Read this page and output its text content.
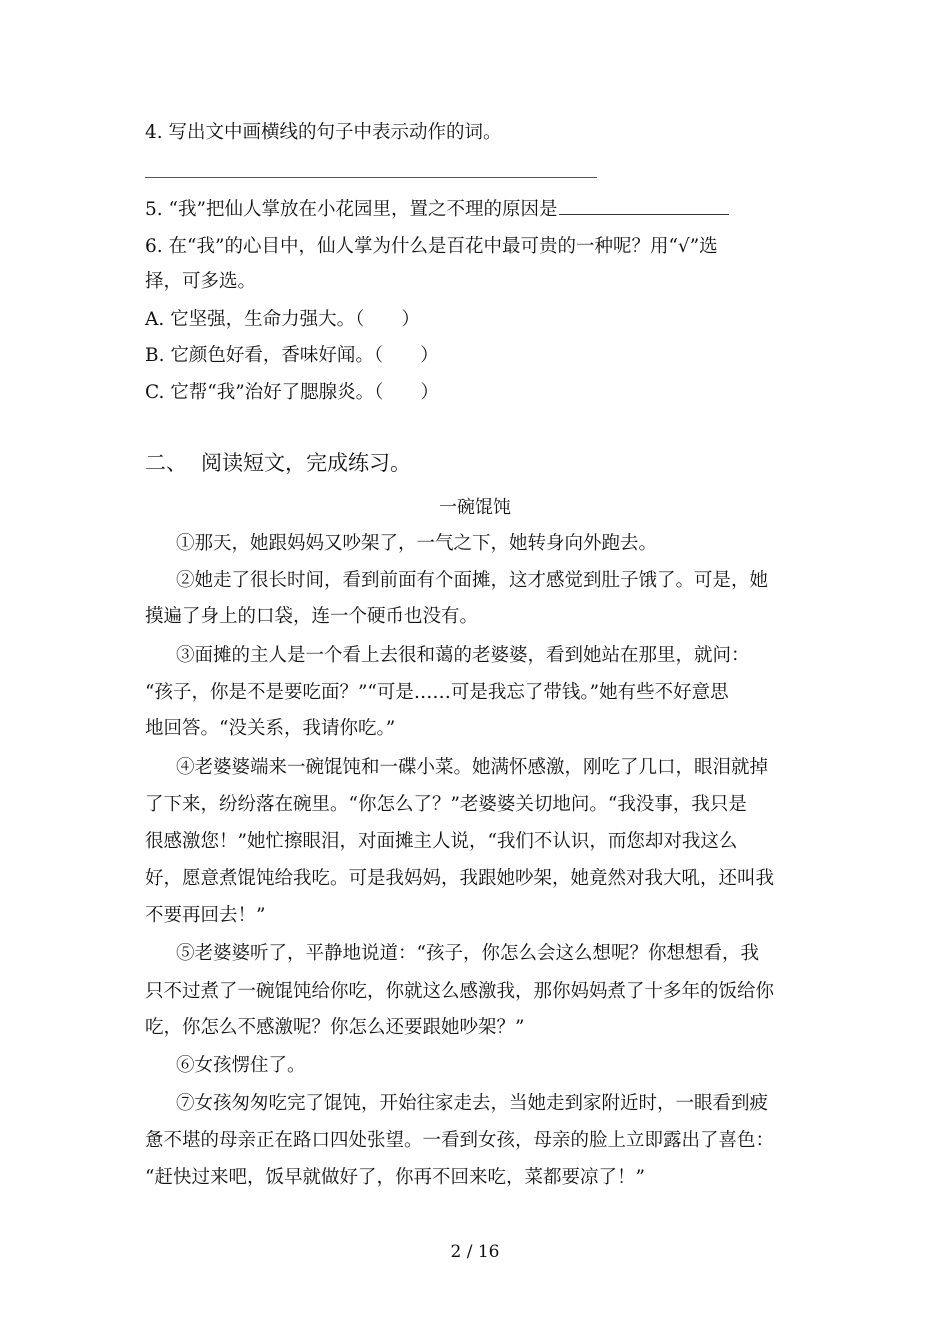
4. 写出文中画横线的句子中表示动作的词。
5. “我”把仙人掌放在小花园里，置之不理的原因是
6. 在“我”的心目中，仙人掌为什么是百花中最可贵的一种呢？用“√”选
择，可多选。
A. 它坚强，生命力强大。（　　）
B. 它颜色好看，香味好闻。（　　）
C. 它帮“我”治好了腮腺炎。（　　）
二、 阅读短文，完成练习。
一碗馄饨
①那天，她跟妈妈又吵架了，一气之下，她转身向外跑去。
②她走了很长时间，看到前面有个面摊，这才感觉到肚子饿了。可是，她
摸遍了身上的口袋，连一个硬币也没有。
③面摊的主人是一个看上去很和蔼的老婆婆，看到她站在那里，就问：
“孩子，你是不是要吃面？”“可是……可是我忘了带钱。”她有些不好意思
地回答。“没关系，我请你吃。”
④老婆婆端来一碗馄饨和一碟小菜。她满怀感激，刚吃了几口，眼泪就掉
了下来，纷纷落在碗里。“你怎么了？”老婆婆关切地问。“我没事，我只是
很感激您！”她忙擦眼泪，对面摊主人说，“我们不认识，而您却对我这么
好，愿意煮馄饨给我吃。可是我妈妈，我跟她吵架，她竟然对我大吼，还叫我
不要再回去！”
⑤老婆婆听了，平静地说道：“孩子，你怎么会这么想呢？你想想看，我
只不过煮了一碗馄饨给你吃，你就这么感激我，那你妈妈煮了十多年的饭给你
吃，你怎么不感激呢？你怎么还要跟她吵架？”
⑥女孩愣住了。
⑦女孩匆匆吃完了馄饨，开始往家走去，当她走到家附近时，一眼看到疲
惫不堪的母亲正在路口四处张望。一看到女孩，母亲的脸上立即露出了喜色：
“赶快过来吧，饭早就做好了，你再不回来吃，菜都要凉了！”
2 / 16
